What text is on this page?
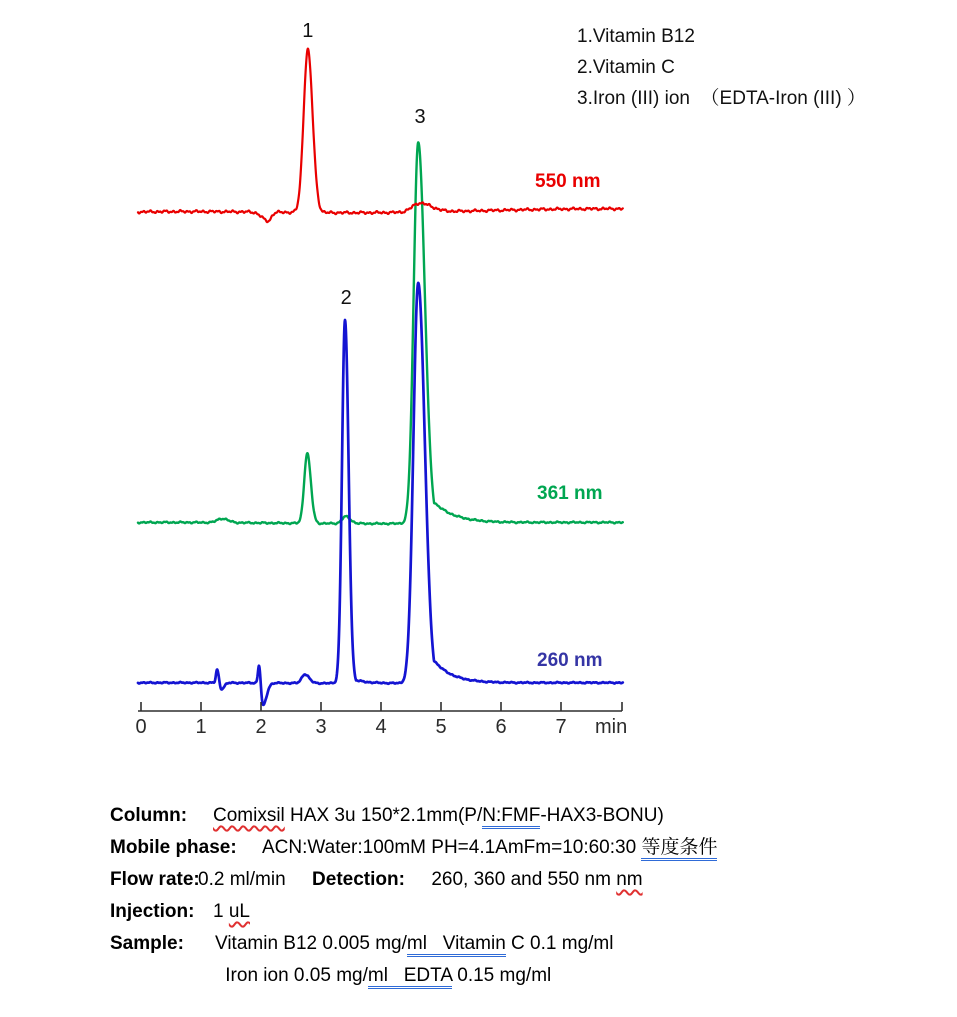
0 1 2 3 4 5 6 7 min
1.Vitamin B12
2.Vitamin C
3.Iron (III) ion  （EDTA-Iron (III) ）
550 nm
361 nm
260 nm
1
2
3
Column:	Comixsil HAX 3u 150*2.1mm(P/N:FMF-HAX3-BONU)
Mobile phase:	ACN:Water:100mM PH=4.1AmFm=10:60:30 等度条件
Flow rate:
0.2 ml/min     Detection:     260, 360 and 550 nm nm
Injection: 1 uL
Sample:	Vitamin B12 0.005 mg/ml   Vitamin C 0.1 mg/ml
Iron ion 0.05 mg/ml   EDTA 0.15 mg/ml
